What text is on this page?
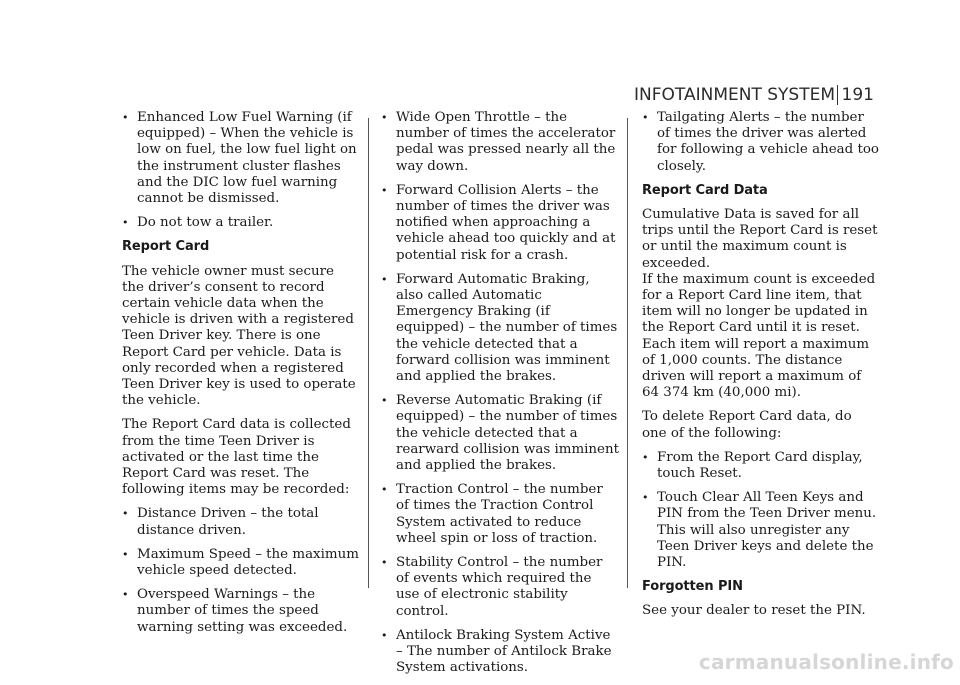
INFOTAINMENT SYSTEM 191
• Enhanced Low Fuel Warning (if equipped) – When the vehicle is low on fuel, the low fuel light on the instrument cluster flashes and the DIC low fuel warning cannot be dismissed.
• Do not tow a trailer.
Report Card

The vehicle owner must secure the driver’s consent to record certain vehicle data when the vehicle is driven with a registered Teen Driver key. There is one Report Card per vehicle. Data is only recorded when a registered Teen Driver key is used to operate the vehicle.

The Report Card data is collected from the time Teen Driver is activated or the last time the Report Card was reset. The following items may be recorded:

• Distance Driven – the total distance driven.
• Maximum Speed – the maximum vehicle speed detected.
• Overspeed Warnings – the number of times the speed warning setting was exceeded.
• Wide Open Throttle – the number of times the accelerator pedal was pressed nearly all the way down.
• Forward Collision Alerts – the number of times the driver was notified when approaching a vehicle ahead too quickly and at potential risk for a crash.
• Forward Automatic Braking, also called Automatic Emergency Braking (if equipped) – the number of times the vehicle detected that a forward collision was imminent and applied the brakes.
• Reverse Automatic Braking (if equipped) – the number of times the vehicle detected that a rearward collision was imminent and applied the brakes.
• Traction Control – the number of times the Traction Control System activated to reduce wheel spin or loss of traction.
• Stability Control – the number of events which required the use of electronic stability control.
• Antilock Braking System Active – The number of Antilock Brake System activations.
• Tailgating Alerts – the number of times the driver was alerted for following a vehicle ahead too closely.
Report Card Data

Cumulative Data is saved for all trips until the Report Card is reset or until the maximum count is exceeded.

If the maximum count is exceeded for a Report Card line item, that item will no longer be updated in the Report Card until it is reset. Each item will report a maximum of 1,000 counts. The distance driven will report a maximum of 64 374 km (40,000 mi).

To delete Report Card data, do one of the following:

• From the Report Card display, touch Reset.
• Touch Clear All Teen Keys and PIN from the Teen Driver menu. This will also unregister any Teen Driver keys and delete the PIN.
Forgotten PIN

See your dealer to reset the PIN.

carmanualsonline.info
